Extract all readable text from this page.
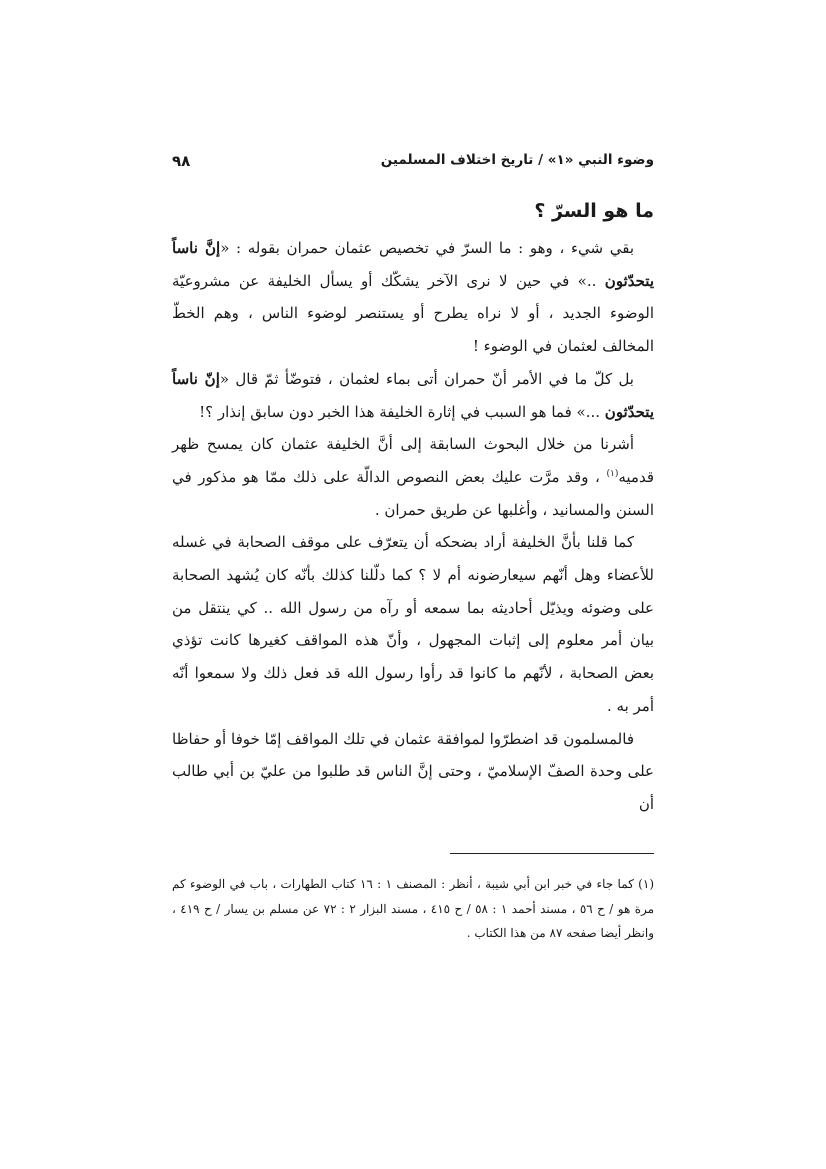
وضوء النبي «١» / تاريخ اختلاف المسلمين
٩٨
ما هو السرّ ؟

بقي شيء ، وهو : ما السرّ في تخصيص عثمان حمران بقوله : «إنَّ ناساً يتحدّثون ..» في حين لا نرى الآخر يشكّك أو يسأل الخليفة عن مشروعيّة الوضوء الجديد ، أو لا نراه يطرح أو يستنصر لوضوء الناس ، وهم الخطّ المخالف لعثمان في الوضوء !

بل كلّ ما في الأمر أنّ حمران أتى بماء لعثمان ، فتوضّأ ثمّ قال «إنّ ناساً يتحدّثون ...» فما هو السبب في إثارة الخليفة هذا الخبر دون سابق إنذار ؟!

أشرنا من خلال البحوث السابقة إلى أنَّ الخليفة عثمان كان يمسح ظهر قدميه$^{(١)}$ ، وقد مرَّت عليك بعض النصوص الدالّة على ذلك ممّا هو مذكور في السنن والمسانيد ، وأغلبها عن طريق حمران .

كما قلنا بأنَّ الخليفة أراد بضحكه أن يتعرّف على موقف الصحابة في غسله للأعضاء وهل أنّهم سيعارضونه أم لا ؟ كما دلّلنا كذلك بأنّه كان يُشهد الصحابة على وضوئه ويذيّل أحاديثه بما سمعه أو رآه من رسول الله .. كي ينتقل من بيان أمر معلوم إلى إثبات المجهول ، وأنّ هذه المواقف كغيرها كانت تؤذي بعض الصحابة ، لأنّهم ما كانوا قد رأوا رسول الله قد فعل ذلك ولا سمعوا أنّه أمر به .

فالمسلمون قد اضطرّوا لموافقة عثمان في تلك المواقف إمّا خوفا أو حفاظا على وحدة الصفّ الإسلاميّ ، وحتى إنَّ الناس قد طلبوا من عليّ بن أبي طالب أن

(١) كما جاء في خبر ابن أبي شيبة ، أنظر : المصنف ١ : ١٦ كتاب الطهارات ، باب في الوضوء كم مرة هو / ح ٥٦ ، مسند أحمد ١ : ٥٨ / ح ٤١٥ ، مسند البزار ٢ : ٧٢ عن مسلم بن يسار / ح ٤١٩ ، وانظر أيضا صفحه ٨٧ من هذا الكتاب .
